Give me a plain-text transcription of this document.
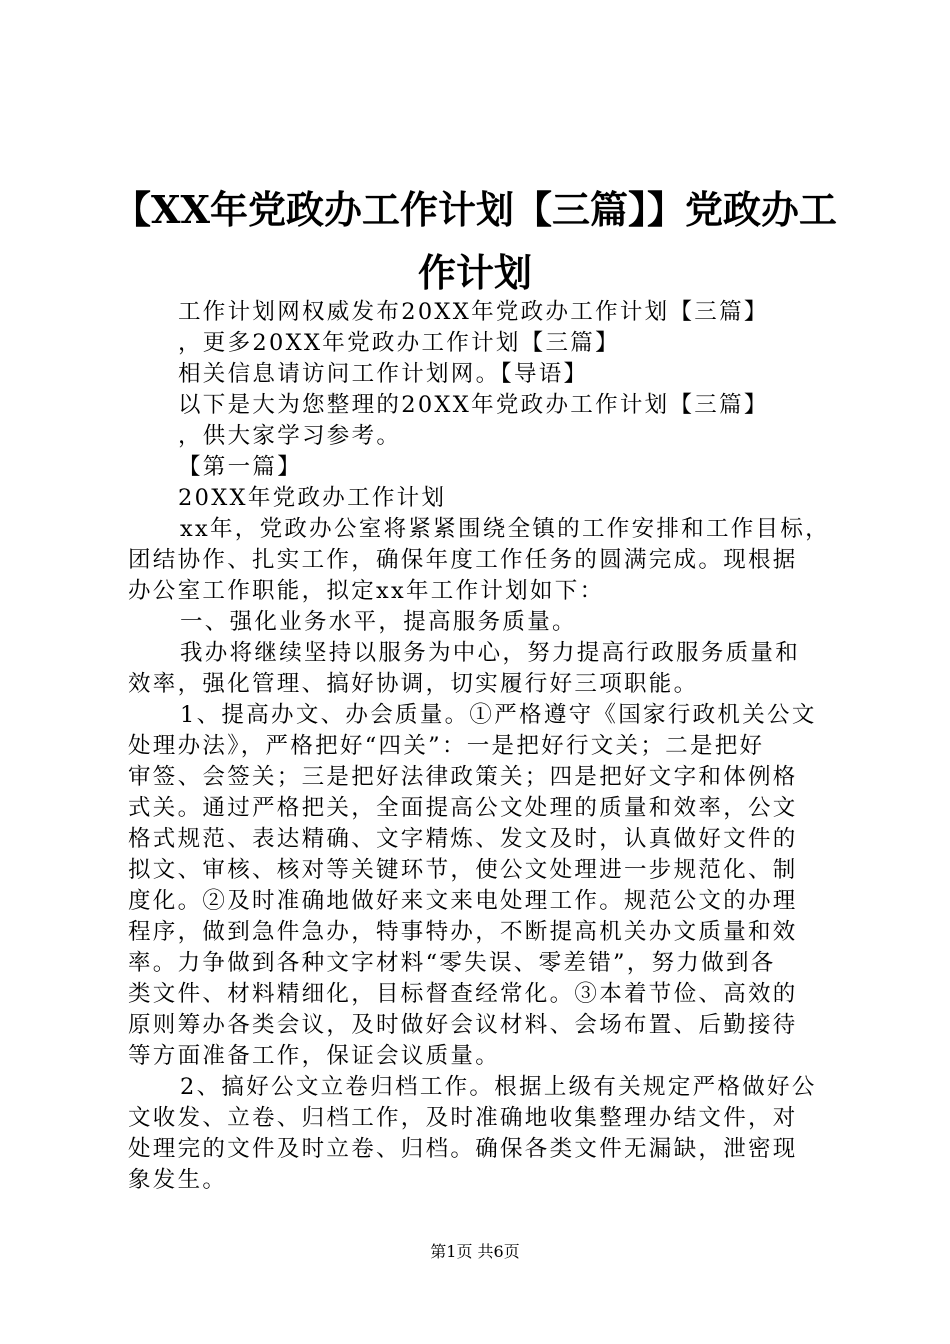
【XX年党政办工作计划【三篇】】党政办工
作计划
工作计划网权威发布20XX年党政办工作计划【三篇】
，更多20XX年党政办工作计划【三篇】
相关信息请访问工作计划网。【导语】
以下是大为您整理的20XX年党政办工作计划【三篇】
，供大家学习参考。
【第一篇】
20XX年党政办工作计划
xx年，党政办公室将紧紧围绕全镇的工作安排和工作目标，
团结协作、扎实工作，确保年度工作任务的圆满完成。现根据
办公室工作职能，拟定xx年工作计划如下：
一、强化业务水平，提高服务质量。
我办将继续坚持以服务为中心，努力提高行政服务质量和
效率，强化管理、搞好协调，切实履行好三项职能。
1、提高办文、办会质量。①严格遵守《国家行政机关公文
处理办法》，严格把好“四关”：一是把好行文关；二是把好
审签、会签关；三是把好法律政策关；四是把好文字和体例格
式关。通过严格把关，全面提高公文处理的质量和效率，公文
格式规范、表达精确、文字精炼、发文及时，认真做好文件的
拟文、审核、核对等关键环节，使公文处理进一步规范化、制
度化。②及时准确地做好来文来电处理工作。规范公文的办理
程序，做到急件急办，特事特办，不断提高机关办文质量和效
率。力争做到各种文字材料“零失误、零差错”，努力做到各
类文件、材料精细化，目标督查经常化。③本着节俭、高效的
原则筹办各类会议，及时做好会议材料、会场布置、后勤接待
等方面准备工作，保证会议质量。
2、搞好公文立卷归档工作。根据上级有关规定严格做好公
文收发、立卷、归档工作，及时准确地收集整理办结文件，对
处理完的文件及时立卷、归档。确保各类文件无漏缺，泄密现
象发生。
第1页 共6页
